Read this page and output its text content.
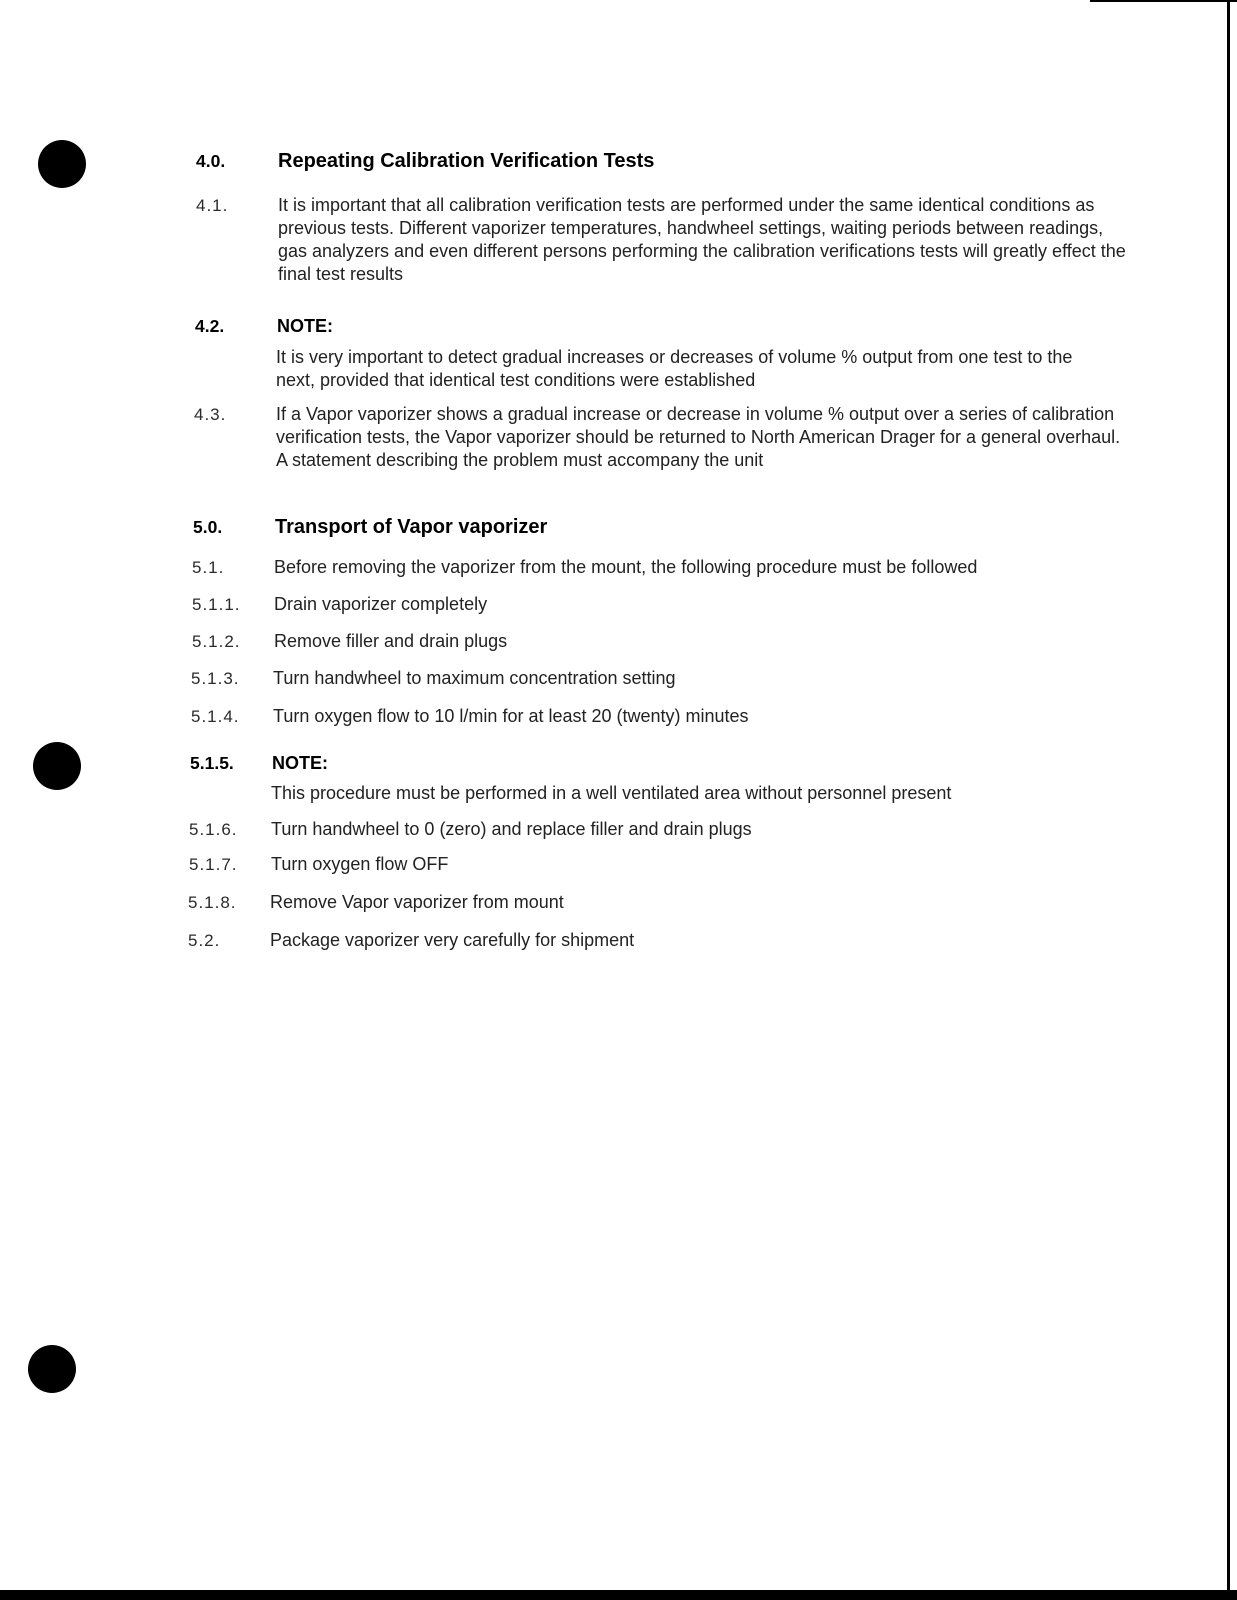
4.0.	Repeating Calibration Verification Tests
4.1.	It is important that all calibration verification tests are performed under the same identical conditions as previous tests. Different vaporizer temperatures, handwheel settings, waiting periods between readings, gas analyzers and even different persons performing the calibration verifications tests will greatly effect the final test results
4.2.	NOTE:
It is very important to detect gradual increases or decreases of volume % output from one test to the next, provided that identical test conditions were established
4.3.	If a Vapor vaporizer shows a gradual increase or decrease in volume % output over a series of calibration verification tests, the Vapor vaporizer should be returned to North American Drager for a general overhaul. A statement describing the problem must accompany the unit
5.0.	Transport of Vapor vaporizer
5.1.	Before removing the vaporizer from the mount, the following procedure must be followed
5.1.1.	Drain vaporizer completely
5.1.2.	Remove filler and drain plugs
5.1.3.	Turn handwheel to maximum concentration setting
5.1.4.	Turn oxygen flow to 10 l/min for at least 20 (twenty) minutes
5.1.5.	NOTE:
This procedure must be performed in a well ventilated area without personnel present
5.1.6.	Turn handwheel to 0 (zero) and replace filler and drain plugs
5.1.7.	Turn oxygen flow OFF
5.1.8.	Remove Vapor vaporizer from mount
5.2.	Package vaporizer very carefully for shipment
